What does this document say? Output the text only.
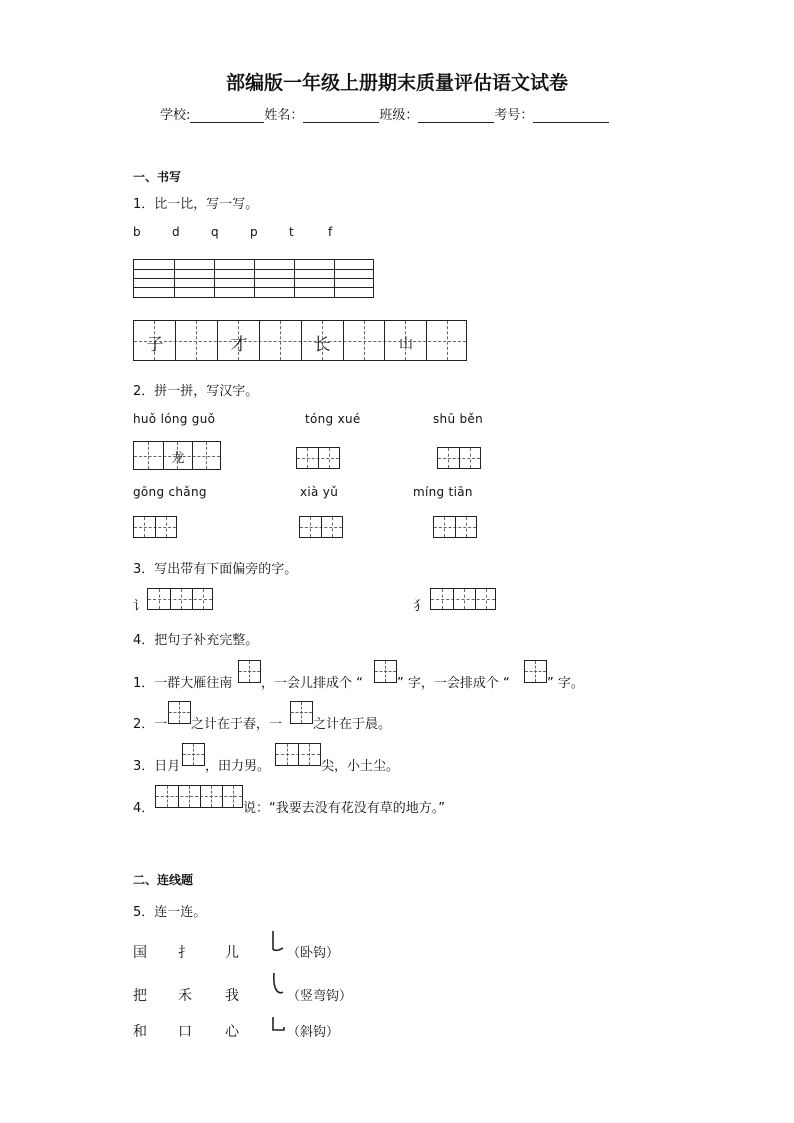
部编版一年级上册期末质量评估语文试卷
学校:	姓名：	班级：	考号：
一、书写
1．比一比，写一写。
b	d	q	p	t	f
子	才	长	山
2．拼一拼，写汉字。
huǒ lóng guǒ	tóng xué	shū běn
龙
gōng chǎng	xià yǔ	míng tiān
3．写出带有下面偏旁的字。
讠	犭
4．把句子补充完整。
1．一群大雁往南 ，一会儿排成个 “	” 字，一会排成个 “	” 字。
2．一 之计在于春，一 之计在于晨。
3．日月 ，田力男。	尖，小土尘。
4．	说：“我要去没有花没有草的地方。”
二、连线题
5．连一连。
国 扌 儿	（卧钩）
把 禾 我	（竖弯钩）
和 口 心	（斜钩）
